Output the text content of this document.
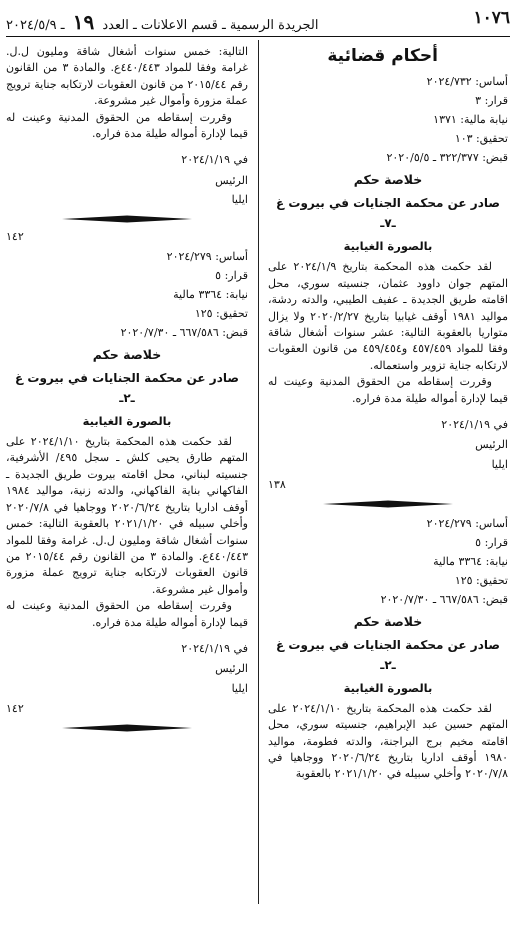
١٠٧٦
الجريدة الرسمية ـ قسم الاعلانات ـ العدد ١٩ ـ ٢٠٢٤/٥/٩
أحكام قضائية

أساس: ٢٠٢٤/٧٣٢

قرار: ٣

نيابة مالية: ١٣٧١

تحقيق: ١٠٣

قبض: ٣٢٢/٣٧٧ ـ ٢٠٢٠/٥/٥

خلاصة حكم
صادر عن محكمة الجنايات في بيروت غ ـ٧ـ
بالصورة الغيابية

لقد حكمت هذه المحكمة بتاريخ ٢٠٢٤/١/٩ على المتهم جوان داوود عثمان، جنسيته سوري، محل اقامته طريق الجديدة ـ عفيف الطيبي، والدته ردشة، مواليد ١٩٨١ أوقف غيابيا بتاريخ ٢٠٢٠/٢/٢٧ ولا يزال متواريا بالعقوبة التالية: عشر سنوات أشغال شاقة وفقا للمواد ٤٥٧/٤٥٩ و٤٥٩/٤٥٤ من قانون العقوبات لارتكابه جناية تزوير واستعماله.

وقررت إسقاطه من الحقوق المدنية وعينت له قيما لإدارة أمواله طيلة مدة فراره.

في ٢٠٢٤/١/١٩

الرئيس

ايليا

١٣٨

أساس: ٢٠٢٤/٢٧٩

قرار: ٥

نيابة: ٣٣٦٤ مالية

تحقيق: ١٢٥

قبض: ٦٦٧/٥٨٦ ـ ٢٠٢٠/٧/٣٠

خلاصة حكم
صادر عن محكمة الجنايات في بيروت غ ـ٢ـ
بالصورة الغيابية

لقد حكمت هذه المحكمة بتاريخ ٢٠٢٤/١/١٠ على المتهم حسين عبد الإبراهيم، جنسيته سوري، محل اقامته مخيم برج البراجنة، والدته فطومة، مواليد ١٩٨٠ أوقف اداريا بتاريخ ٢٠٢٠/٦/٢٤ ووجاهيا في ٢٠٢٠/٧/٨ وأخلي سبيله في ٢٠٢١/١/٢٠ بالعقوبة

التالية: خمس سنوات أشغال شاقة ومليون ل.ل. غرامة وفقا للمواد ٤٤٠/٤٤٣ع. والمادة ٣ من القانون رقم ٢٠١٥/٤٤ من قانون العقوبات لارتكابه جناية ترويج عملة مزورة وأموال غير مشروعة.

وقررت إسقاطه من الحقوق المدنية وعينت له قيما لإدارة أمواله طيلة مدة فراره.

في ٢٠٢٤/١/١٩

الرئيس

ايليا

١٤٢

أساس: ٢٠٢٤/٢٧٩

قرار: ٥

نيابة: ٣٣٦٤ مالية

تحقيق: ١٢٥

قبض: ٦٦٧/٥٨٦ ـ ٢٠٢٠/٧/٣٠

خلاصة حكم
صادر عن محكمة الجنايات في بيروت غ ـ٢ـ
بالصورة الغيابية

لقد حكمت هذه المحكمة بتاريخ ٢٠٢٤/١/١٠ على المتهم طارق يحيى كلش ـ سجل ٤٩٥/ الأشرفية، جنسيته لبناني، محل اقامته بيروت طريق الجديدة ـ الفاكهاني بناية الفاكهاني، والدته زنية، مواليد ١٩٨٤ أوقف اداريا بتاريخ ٢٠٢٠/٦/٢٤ ووجاهيا في ٢٠٢٠/٧/٨ وأخلي سبيله في ٢٠٢١/١/٢٠ بالعقوبة التالية: خمس سنوات أشغال شاقة ومليون ل.ل. غرامة وفقا للمواد ٤٤٠/٤٤٣ع. والمادة ٣ من القانون رقم ٢٠١٥/٤٤ من قانون العقوبات لارتكابه جناية ترويج عملة مزورة وأموال غير مشروعة.

وقررت إسقاطه من الحقوق المدنية وعينت له قيما لإدارة أمواله طيلة مدة فراره.

في ٢٠٢٤/١/١٩

الرئيس

ايليا

١٤٢
